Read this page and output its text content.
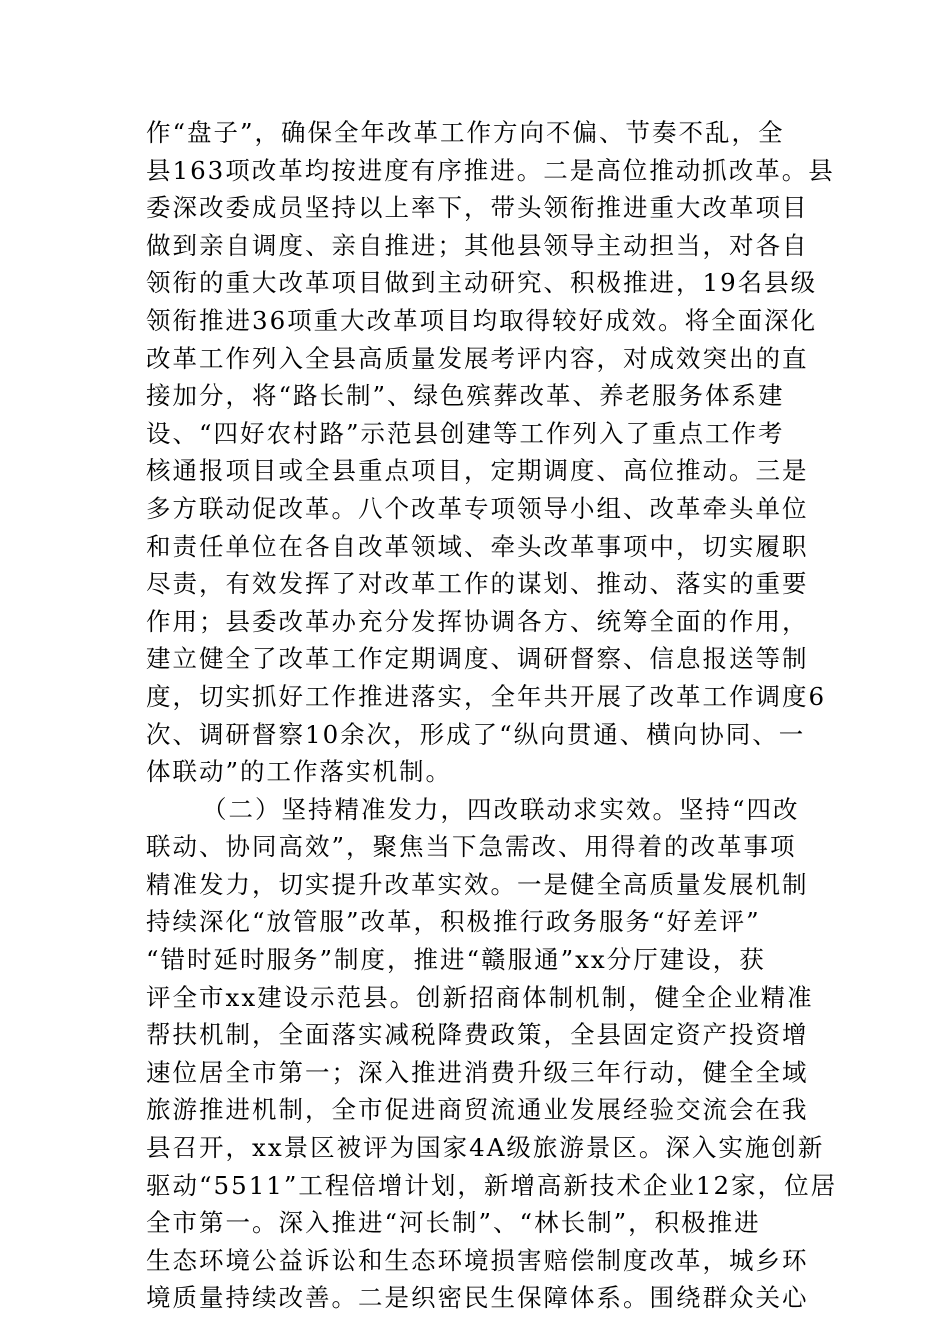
作“盘子”，确保全年改革工作方向不偏、节奏不乱，全
县163项改革均按进度有序推进。二是高位推动抓改革。县
委深改委成员坚持以上率下，带头领衔推进重大改革项目
做到亲自调度、亲自推进；其他县领导主动担当，对各自
领衔的重大改革项目做到主动研究、积极推进，19名县级
领衔推进36项重大改革项目均取得较好成效。将全面深化
改革工作列入全县高质量发展考评内容，对成效突出的直
接加分，将“路长制”、绿色殡葬改革、养老服务体系建
设、“四好农村路”示范县创建等工作列入了重点工作考
核通报项目或全县重点项目，定期调度、高位推动。三是
多方联动促改革。八个改革专项领导小组、改革牵头单位
和责任单位在各自改革领域、牵头改革事项中，切实履职
尽责，有效发挥了对改革工作的谋划、推动、落实的重要
作用；县委改革办充分发挥协调各方、统筹全面的作用，
建立健全了改革工作定期调度、调研督察、信息报送等制
度，切实抓好工作推进落实，全年共开展了改革工作调度6
次、调研督察10余次，形成了“纵向贯通、横向协同、一
体联动”的工作落实机制。
（二）坚持精准发力，四改联动求实效。坚持“四改
联动、协同高效”，聚焦当下急需改、用得着的改革事项
精准发力，切实提升改革实效。一是健全高质量发展机制
持续深化“放管服”改革，积极推行政务服务“好差评”
“错时延时服务”制度，推进“赣服通”xx分厅建设，获
评全市xx建设示范县。创新招商体制机制，健全企业精准
帮扶机制，全面落实减税降费政策，全县固定资产投资增
速位居全市第一；深入推进消费升级三年行动，健全全域
旅游推进机制，全市促进商贸流通业发展经验交流会在我
县召开，xx景区被评为国家4A级旅游景区。深入实施创新
驱动“5511”工程倍增计划，新增高新技术企业12家，位居
全市第一。深入推进“河长制”、“林长制”，积极推进
生态环境公益诉讼和生态环境损害赔偿制度改革，城乡环
境质量持续改善。二是织密民生保障体系。围绕群众关心
